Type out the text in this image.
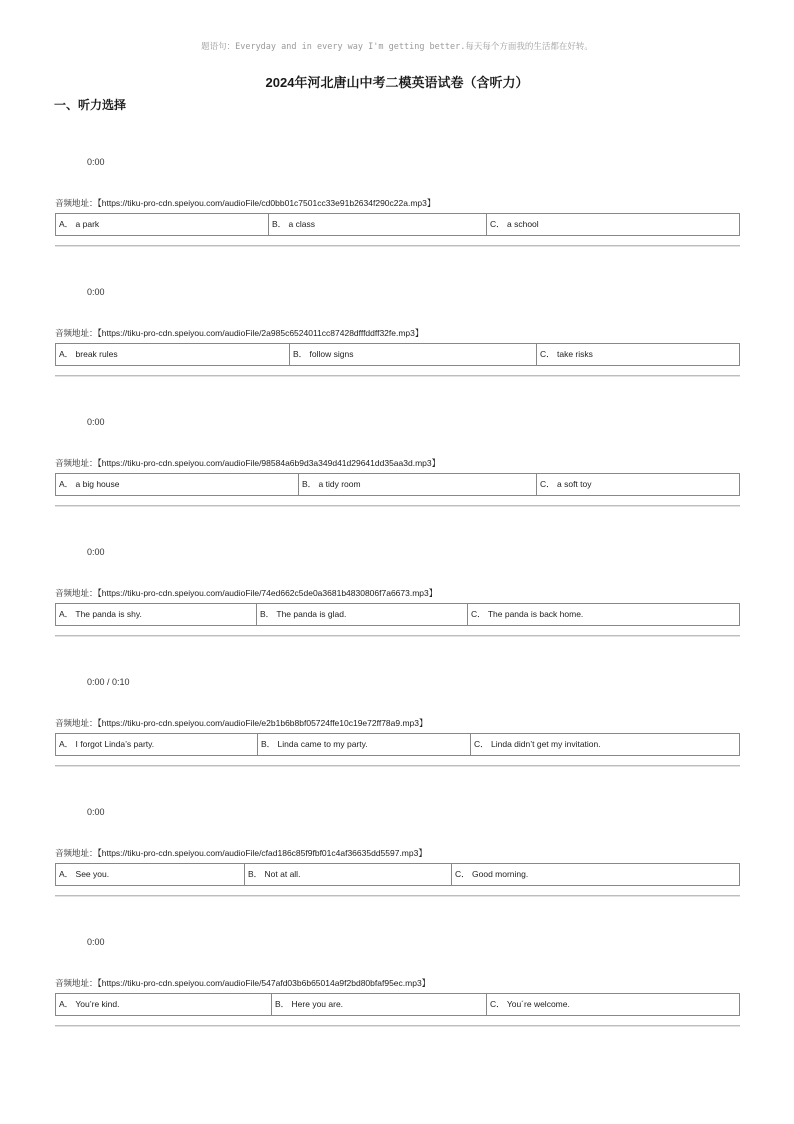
题语句：Everyday and in every way I'm getting better.每天每个方面我的生活都在好转。
2024年河北唐山中考二模英语试卷（含听力）
一、听力选择
0:00
音频地址：【https://tiku-pro-cdn.speiyou.com/audioFile/cd0bb01c7501cc33e91b2634f290c22a.mp3】
A． a park	B． a class	C． a school
0:00
音频地址：【https://tiku-pro-cdn.speiyou.com/audioFile/2a985c6524011cc87428dfffddff32fe.mp3】
A． break rules	B． follow signs	C． take risks
0:00
音频地址：【https://tiku-pro-cdn.speiyou.com/audioFile/98584a6b9d3a349d41d29641dd35aa3d.mp3】
A． a big house	B． a tidy room	C． a soft toy
0:00
音频地址：【https://tiku-pro-cdn.speiyou.com/audioFile/74ed662c5de0a3681b4830806f7a6673.mp3】
A． The panda is shy.	B． The panda is glad.	C． The panda is back home.
0:00 / 0:10
音频地址：【https://tiku-pro-cdn.speiyou.com/audioFile/e2b1b6b8bf05724ffe10c19e72ff78a9.mp3】
A． I forgot Linda’s party.	B． Linda came to my party.	C． Linda didn’t get my invitation.
0:00
音频地址：【https://tiku-pro-cdn.speiyou.com/audioFile/cfad186c85f9fbf01c4af36635dd5597.mp3】
A． See you.	B． Not at all.	C． Good morning.
0:00
音频地址：【https://tiku-pro-cdn.speiyou.com/audioFile/547afd03b6b65014a9f2bd80bfaf95ec.mp3】
A． You’re kind.	B． Here you are.	C． You´re welcome.
